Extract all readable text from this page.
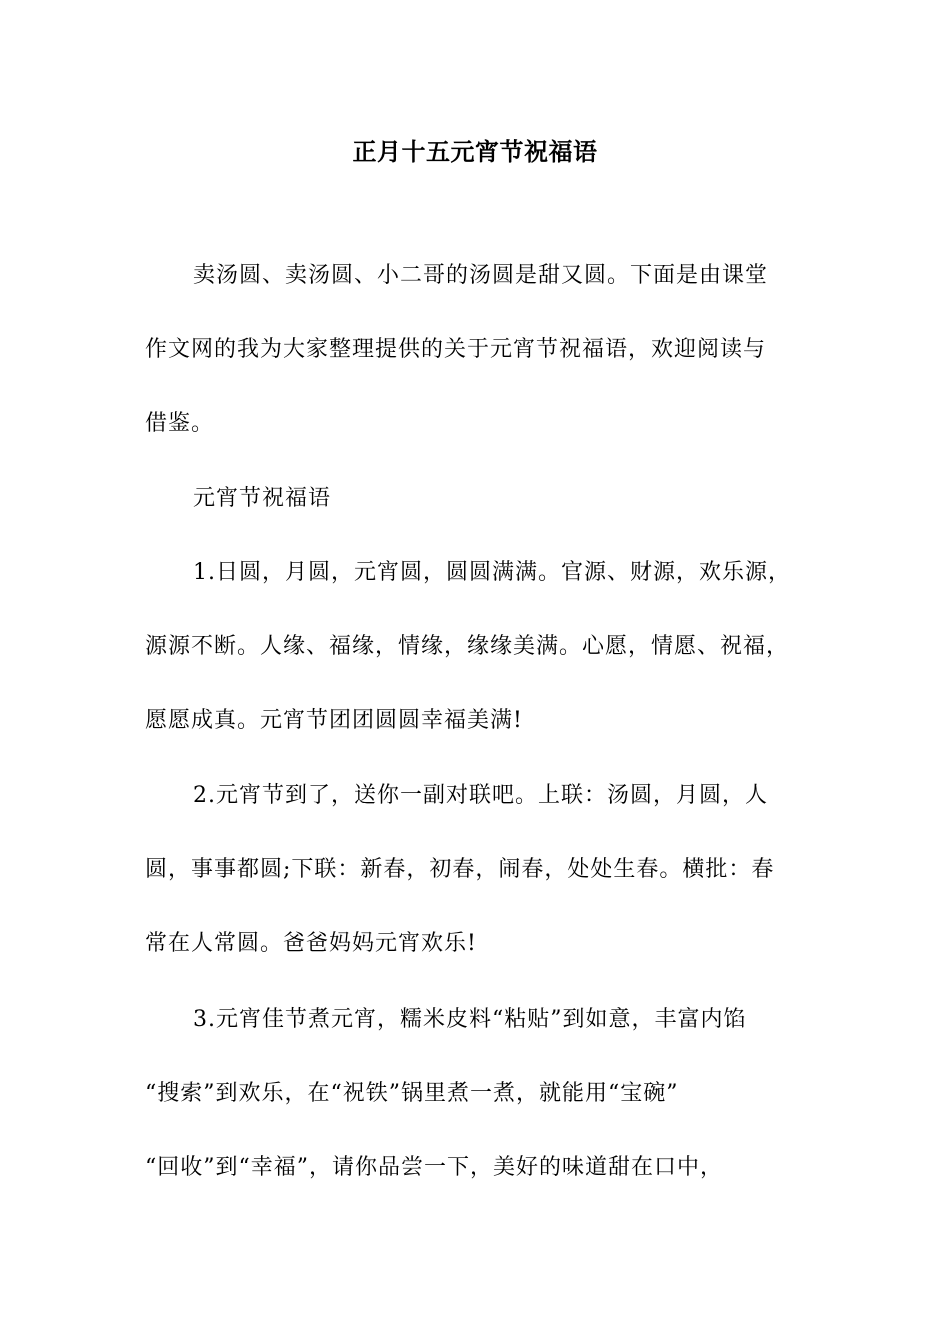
正月十五元宵节祝福语
卖汤圆、卖汤圆、小二哥的汤圆是甜又圆。下面是由课堂
作文网的我为大家整理提供的关于元宵节祝福语，欢迎阅读与
借鉴。
元宵节祝福语
1.日圆，月圆，元宵圆，圆圆满满。官源、财源，欢乐源，
源源不断。人缘、福缘，情缘，缘缘美满。心愿，情愿、祝福，
愿愿成真。元宵节团团圆圆幸福美满!
2.元宵节到了，送你一副对联吧。上联：汤圆，月圆，人
圆，事事都圆;下联：新春，初春，闹春，处处生春。横批：春
常在人常圆。爸爸妈妈元宵欢乐!
3.元宵佳节煮元宵，糯米皮料“粘贴”到如意，丰富内馅
“搜索”到欢乐，在“祝铁”锅里煮一煮，就能用“宝碗”
“回收”到“幸福”，请你品尝一下，美好的味道甜在口中，
